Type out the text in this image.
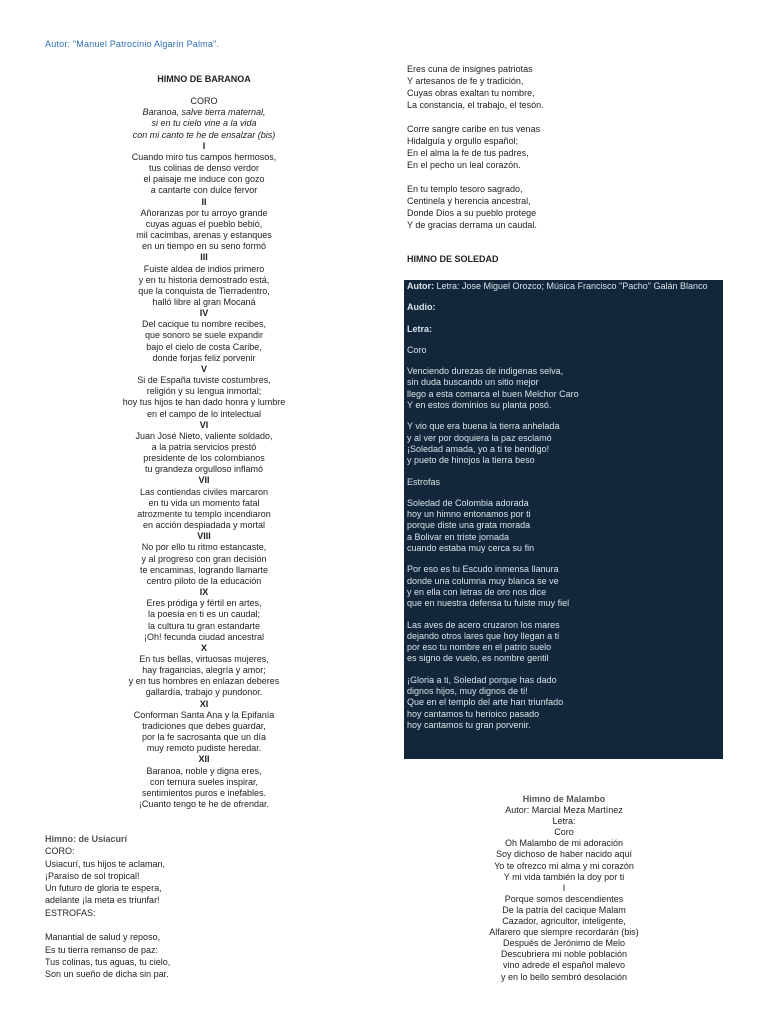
Autor: "Manuel Patrocinio Algarín Palma".
HIMNO DE BARANOA
CORO
Baranoa, salve tierra maternal,
si en tu cielo vine a la vida
con mi canto te he de ensalzar (bis)
I
Cuando miro tus campos hermosos,
tus colinas de denso verdor
el paisaje me induce con gozo
a cantarte con dulce fervor
II
Añoranzas por tu arroyo grande
cuyas aguas el pueblo bebió,
mil cacimbas, arenas y estanques
en un tiempo en su seno formó
III
Fuiste aldea de indios primero
y en tu historia demostrado está,
que la conquista de Tierradentro,
halló libre al gran Mocaná
IV
Del cacique tu nombre recibes,
que sonoro se suele expandir
bajo el cielo de costa Caribe,
donde forjas feliz porvenir
V
Si de España tuviste costumbres,
religión y su lengua inmortal;
hoy tus hijos te han dado honra y lumbre
en el campo de lo intelectual
VI
Juan José Nieto, valiente soldado,
a la patria servicios prestó
presidente de los colombianos
tu grandeza orgulloso inflamó
VII
Las contiendas civiles marcaron
en tu vida un momento fatal
atrozmente tu templo incendiaron
en acción despiadada y mortal
VIII
No por ello tu ritmo estancaste,
y al progreso con gran decisión
te encaminas, logrando llamarte
centro piloto de la educación
IX
Eres pródiga y fértil en artes,
la poesía en ti es un caudal;
la cultura tu gran estandarte
¡Oh! fecunda ciudad ancestral
X
En tus bellas, virtuosas mujeres,
hay fragancias, alegría y amor;
y en tus hombres en enlazan deberes
gallardía, trabajo y pundonor.
XI
Conforman Santa Ana y la Epifanía
tradiciones que debes guardar,
por la fe sacrosanta que un día
muy remoto pudiste heredar.
XII
Baranoa, noble y digna eres,
con ternura sueles inspirar,
sentimientos puros e inefables.
¡Cuanto tengo te he de ofrendar.
Himno: de Usiacurí
CORO:
Usiacurí, tus hijos te aclaman,
¡Paraíso de sol tropical!
Un futuro de gloria te espera,
adelante ¡la meta es triunfar!
ESTROFAS:
Manantial de salud y reposo,
Es tu tierra remanso de paz:
Tus colinas, tus aguas, tu cielo,
Son un sueño de dicha sin par.
Eres cuna de insignes patriotas
Y artesanos de fe y tradición,
Cuyas obras exaltan tu nombre,
La constancia, el trabajo, el tesón.
Corre sangre caribe en tus venas
Hidalguía y orgullo español;
En el alma la fe de tus padres,
En el pecho un leal corazón.
En tu templo tesoro sagrado,
Centinela y herencia ancestral,
Donde Dios a su pueblo protege
Y de gracias derrama un caudal.
HIMNO DE SOLEDAD
Autor: Letra: Jose Miguel Orozco; Música Francisco "Pacho" Galán Blanco
Audio:
Letra:
Coro
Venciendo durezas de indigenas selva,
sin duda buscando un sitio mejor
llego a esta comarca el buen Melchor Caro
Y en estos dominios su planta posó.
Y vio que era buena la tierra anhelada
y al ver por doquiera la paz esclamó
¡Soledad amada, yo a ti te bendigo!
y pueto de hinojos la tierra beso
Estrofas
Soledad de Colombia adorada
hoy un himno entonamos por ti
porque diste una grata morada
a Bolivar en triste jornada
cuando estaba muy cerca su fin
Por eso es tu Escudo inmensa llanura
donde una columna muy blanca se ve
y en ella con letras de oro nos dice
que en nuestra defensa tu fuiste muy fiel
Las aves de acero cruzaron los mares
dejando otros lares que hoy llegan a ti
por eso tu nombre en el patrio suelo
es signo de vuelo, es nombre gentil
¡Gloria a ti, Soledad porque has dado
dignos hijos, muy dignos de ti!
Que en el templo del arte han triunfado
hoy cantamos tu herioico pasado
hoy cantamos tu gran porvenir.
Himno de Malambo
Autor: Marcial Meza Martínez
Letra:
Coro
Oh Malambo de mi adoración
Soy dichoso de haber nacido aquí
Yo te ofrezco mi alma y mi corazón
Y mi vida también la doy por ti
I
Porque somos descendientes
De la patria del cacique Malam
Cazador, agricultor, inteligente,
Alfarero que siempre recordarán (bis)
Después de Jerónimo de Melo
Descubriera mi noble población
vino adrede el español malevo
y en lo bello sembró desolación
